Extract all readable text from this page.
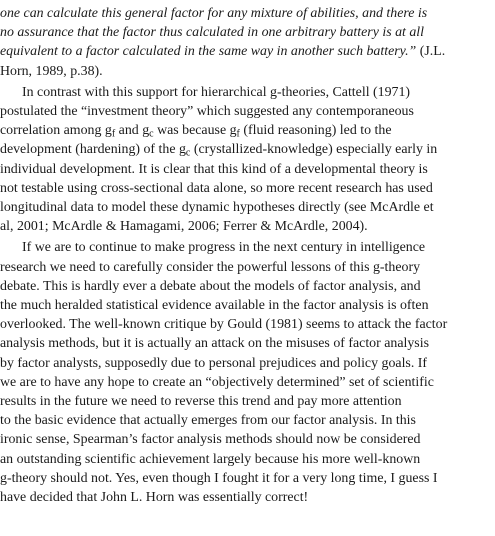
one can calculate this general factor for any mixture of abilities, and there is
no assurance that the factor thus calculated in one arbitrary battery is at all
equivalent to a factor calculated in the same way in another such battery.” (J.L.
Horn, 1989, p.38).
In contrast with this support for hierarchical g-theories, Cattell (1971)
postulated the “investment theory” which suggested any contemporaneous
correlation among $g_f$ and $g_c$ was because $g_f$ (fluid reasoning) led to the
development (hardening) of the $g_c$ (crystallized-knowledge) especially early in
individual development. It is clear that this kind of a developmental theory is
not testable using cross-sectional data alone, so more recent research has used
longitudinal data to model these dynamic hypotheses directly (see McArdle et
al, 2001; McArdle & Hamagami, 2006; Ferrer & McArdle, 2004).
If we are to continue to make progress in the next century in intelligence
research we need to carefully consider the powerful lessons of this g-theory
debate. This is hardly ever a debate about the models of factor analysis, and
the much heralded statistical evidence available in the factor analysis is often
overlooked. The well-known critique by Gould (1981) seems to attack the factor
analysis methods, but it is actually an attack on the misuses of factor analysis
by factor analysts, supposedly due to personal prejudices and policy goals. If
we are to have any hope to create an “objectively determined” set of scientific
results in the future we need to reverse this trend and pay more attention
to the basic evidence that actually emerges from our factor analysis. In this
ironic sense, Spearman’s factor analysis methods should now be considered
an outstanding scientific achievement largely because his more well-known
g-theory should not. Yes, even though I fought it for a very long time, I guess I
have decided that John L. Horn was essentially correct!
